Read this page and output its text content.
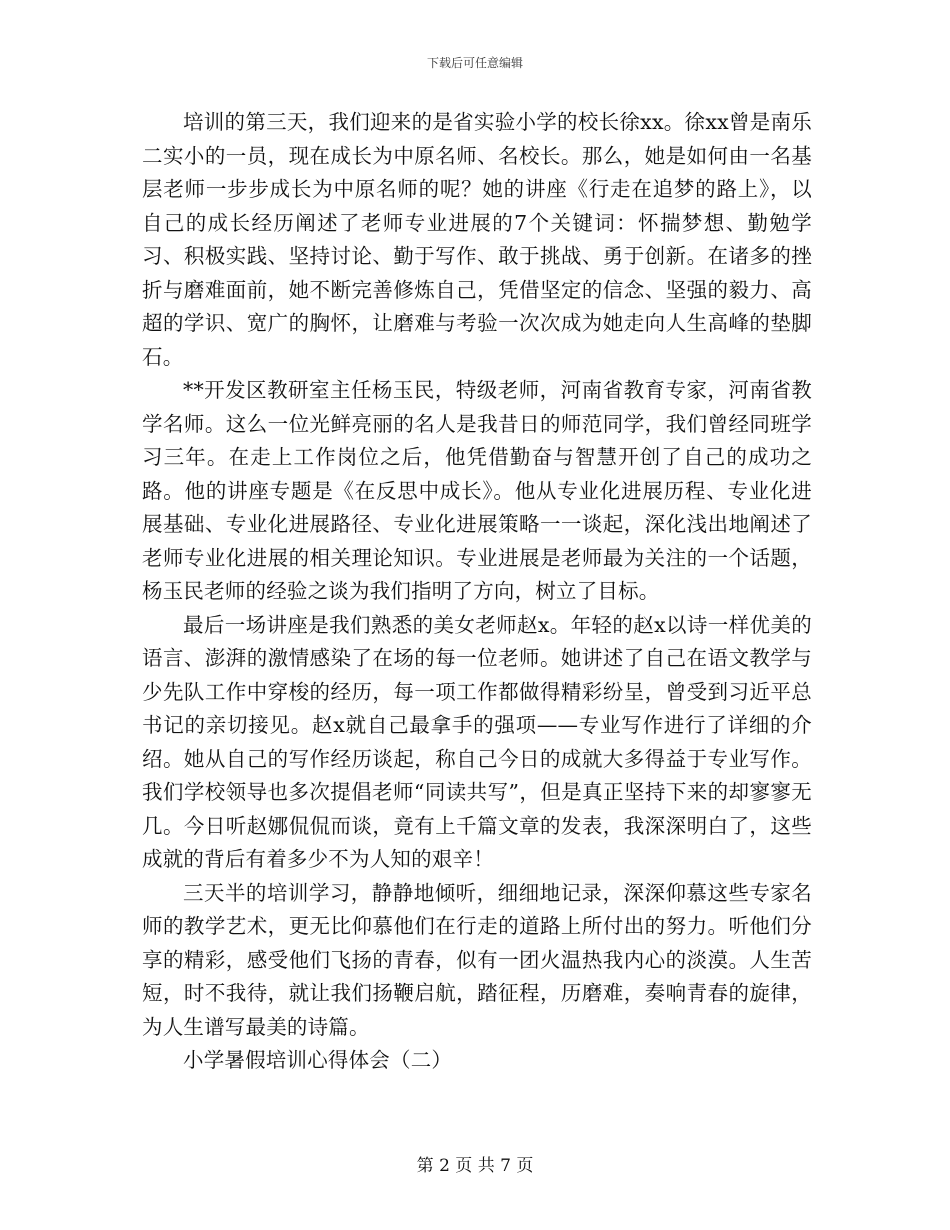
下载后可任意编辑

培训的第三天，我们迎来的是省实验小学的校长徐xx。徐xx曾是南乐二实小的一员，现在成长为中原名师、名校长。那么，她是如何由一名基层老师一步步成长为中原名师的呢？她的讲座《行走在追梦的路上》，以自己的成长经历阐述了老师专业进展的7个关键词：怀揣梦想、勤勉学习、积极实践、坚持讨论、勤于写作、敢于挑战、勇于创新。在诸多的挫折与磨难面前，她不断完善修炼自己，凭借坚定的信念、坚强的毅力、高超的学识、宽广的胸怀，让磨难与考验一次次成为她走向人生高峰的垫脚石。

**开发区教研室主任杨玉民，特级老师，河南省教育专家，河南省教学名师。这么一位光鲜亮丽的名人是我昔日的师范同学，我们曾经同班学习三年。在走上工作岗位之后，他凭借勤奋与智慧开创了自己的成功之路。他的讲座专题是《在反思中成长》。他从专业化进展历程、专业化进展基础、专业化进展路径、专业化进展策略一一谈起，深化浅出地阐述了老师专业化进展的相关理论知识。专业进展是老师最为关注的一个话题，杨玉民老师的经验之谈为我们指明了方向，树立了目标。

最后一场讲座是我们熟悉的美女老师赵x。年轻的赵x以诗一样优美的语言、澎湃的激情感染了在场的每一位老师。她讲述了自己在语文教学与少先队工作中穿梭的经历，每一项工作都做得精彩纷呈，曾受到习近平总书记的亲切接见。赵x就自己最拿手的强项——专业写作进行了详细的介绍。她从自己的写作经历谈起，称自己今日的成就大多得益于专业写作。我们学校领导也多次提倡老师“同读共写”，但是真正坚持下来的却寥寥无几。今日听赵娜侃侃而谈，竟有上千篇文章的发表，我深深明白了，这些成就的背后有着多少不为人知的艰辛！

三天半的培训学习，静静地倾听，细细地记录，深深仰慕这些专家名师的教学艺术，更无比仰慕他们在行走的道路上所付出的努力。听他们分享的精彩，感受他们飞扬的青春，似有一团火温热我内心的淡漠。人生苦短，时不我待，就让我们扬鞭启航，踏征程，历磨难，奏响青春的旋律，为人生谱写最美的诗篇。

小学暑假培训心得体会（二）

第 2 页 共 7 页
